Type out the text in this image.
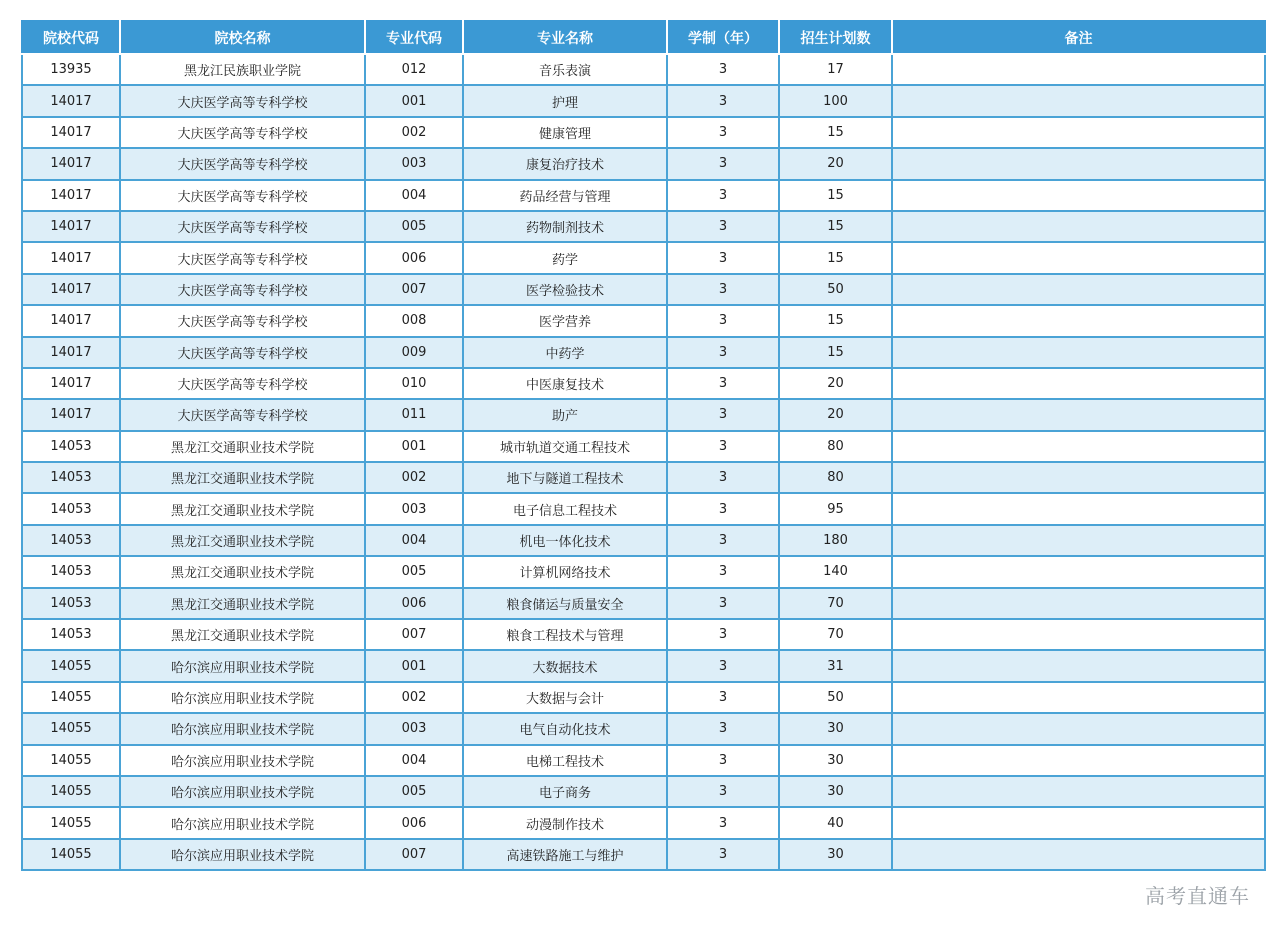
院校代码	院校名称	专业代码	专业名称	学制（年）	招生计划数	备注
13935	黑龙江民族职业学院	012	音乐表演	3	17	
14017	大庆医学高等专科学校	001	护理	3	100	
14017	大庆医学高等专科学校	002	健康管理	3	15	
14017	大庆医学高等专科学校	003	康复治疗技术	3	20	
14017	大庆医学高等专科学校	004	药品经营与管理	3	15	
14017	大庆医学高等专科学校	005	药物制剂技术	3	15	
14017	大庆医学高等专科学校	006	药学	3	15	
14017	大庆医学高等专科学校	007	医学检验技术	3	50	
14017	大庆医学高等专科学校	008	医学营养	3	15	
14017	大庆医学高等专科学校	009	中药学	3	15	
14017	大庆医学高等专科学校	010	中医康复技术	3	20	
14017	大庆医学高等专科学校	011	助产	3	20	
14053	黑龙江交通职业技术学院	001	城市轨道交通工程技术	3	80	
14053	黑龙江交通职业技术学院	002	地下与隧道工程技术	3	80	
14053	黑龙江交通职业技术学院	003	电子信息工程技术	3	95	
14053	黑龙江交通职业技术学院	004	机电一体化技术	3	180	
14053	黑龙江交通职业技术学院	005	计算机网络技术	3	140	
14053	黑龙江交通职业技术学院	006	粮食储运与质量安全	3	70	
14053	黑龙江交通职业技术学院	007	粮食工程技术与管理	3	70	
14055	哈尔滨应用职业技术学院	001	大数据技术	3	31	
14055	哈尔滨应用职业技术学院	002	大数据与会计	3	50	
14055	哈尔滨应用职业技术学院	003	电气自动化技术	3	30	
14055	哈尔滨应用职业技术学院	004	电梯工程技术	3	30	
14055	哈尔滨应用职业技术学院	005	电子商务	3	30	
14055	哈尔滨应用职业技术学院	006	动漫制作技术	3	40	
14055	哈尔滨应用职业技术学院	007	高速铁路施工与维护	3	30	
高考直通车
